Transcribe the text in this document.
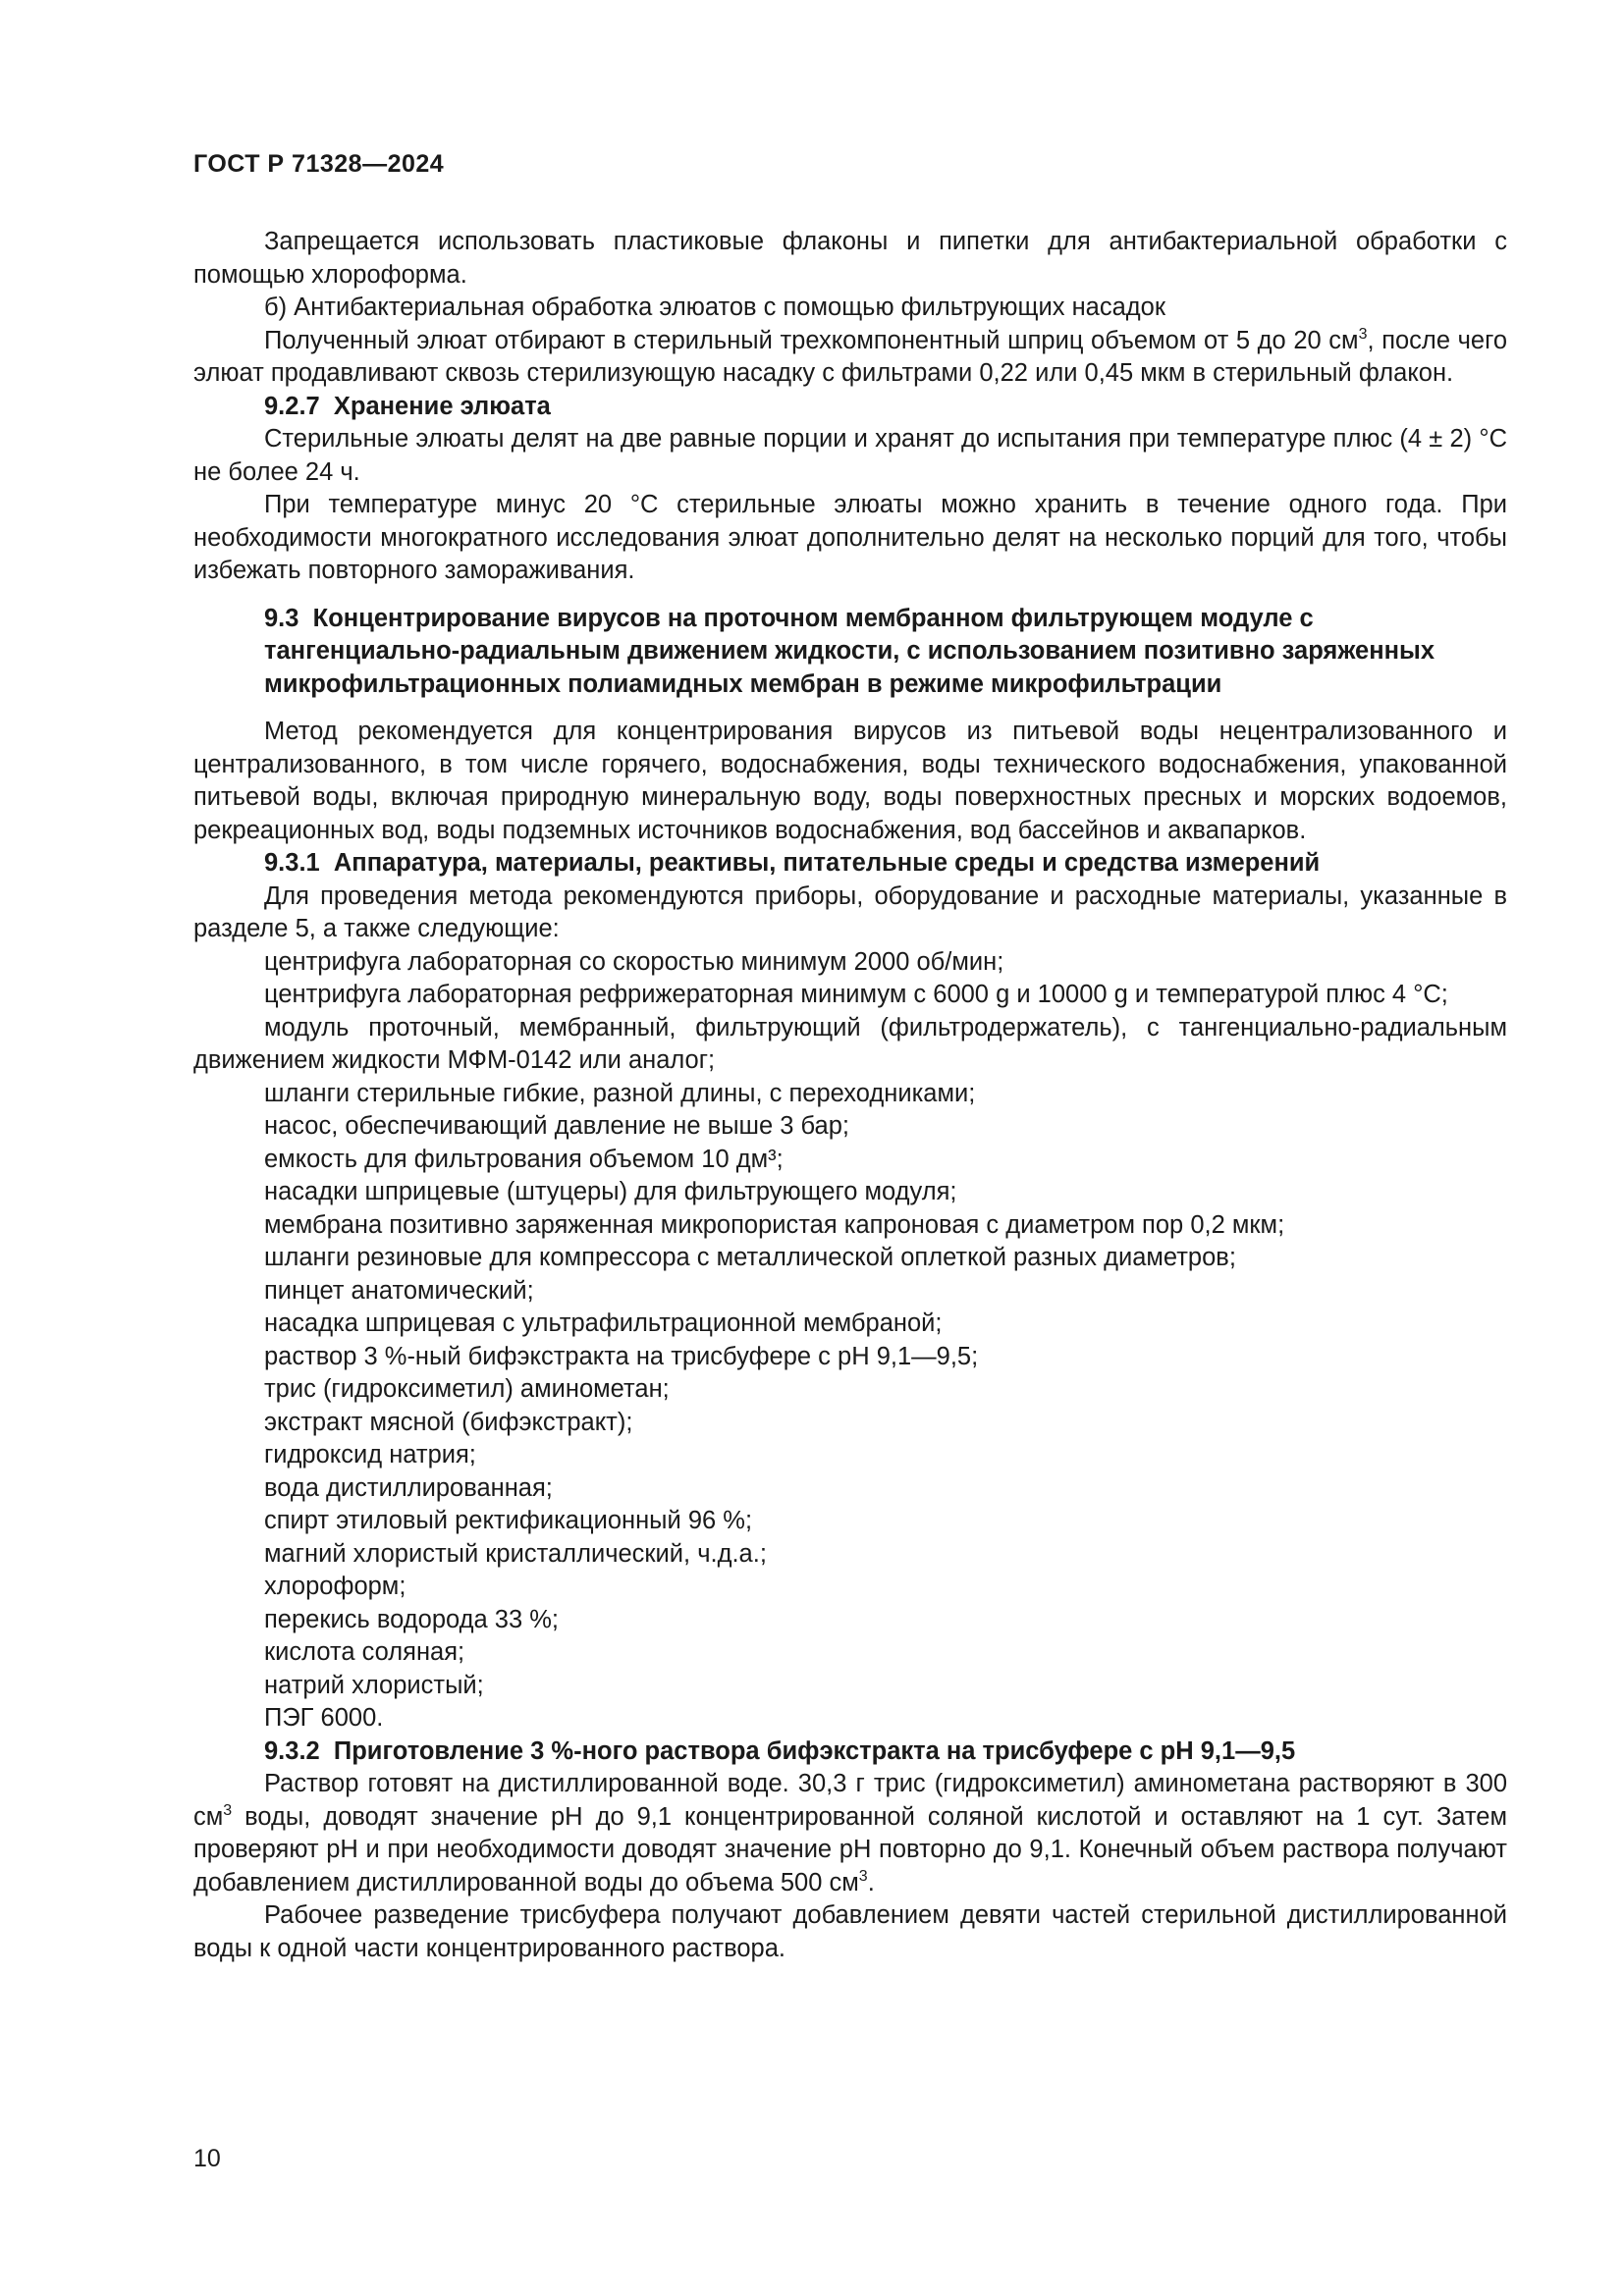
ГОСТ Р 71328—2024
Запрещается использовать пластиковые флаконы и пипетки для антибактериальной обработки с помощью хлороформа.
б) Антибактериальная обработка элюатов с помощью фильтрующих насадок
Полученный элюат отбирают в стерильный трехкомпонентный шприц объемом от 5 до 20 $см^3$, после чего элюат продавливают сквозь стерилизующую насадку с фильтрами 0,22 или 0,45 мкм в стерильный флакон.
9.2.7 Хранение элюата
Стерильные элюаты делят на две равные порции и хранят до испытания при температуре плюс (4 ± 2) °С не более 24 ч.
При температуре минус 20 °С стерильные элюаты можно хранить в течение одного года. При необходимости многократного исследования элюат дополнительно делят на несколько порций для того, чтобы избежать повторного замораживания.
9.3 Концентрирование вирусов на проточном мембранном фильтрующем модуле с тангенциально-радиальным движением жидкости, с использованием позитивно заряженных микрофильтрационных полиамидных мембран в режиме микрофильтрации
Метод рекомендуется для концентрирования вирусов из питьевой воды нецентрализованного и централизованного, в том числе горячего, водоснабжения, воды технического водоснабжения, упакованной питьевой воды, включая природную минеральную воду, воды поверхностных пресных и морских водоемов, рекреационных вод, воды подземных источников водоснабжения, вод бассейнов и аквапарков.
9.3.1 Аппаратура, материалы, реактивы, питательные среды и средства измерений
Для проведения метода рекомендуются приборы, оборудование и расходные материалы, указанные в разделе 5, а также следующие:
центрифуга лабораторная со скоростью минимум 2000 об/мин;
центрифуга лабораторная рефрижераторная минимум с 6000 g и 10000 g и температурой плюс 4 °С;
модуль проточный, мембранный, фильтрующий (фильтродержатель), с тангенциально-радиальным движением жидкости МФМ-0142 или аналог;
шланги стерильные гибкие, разной длины, с переходниками;
насос, обеспечивающий давление не выше 3 бар;
емкость для фильтрования объемом 10 дм³;
насадки шприцевые (штуцеры) для фильтрующего модуля;
мембрана позитивно заряженная микропористая капроновая с диаметром пор 0,2 мкм;
шланги резиновые для компрессора с металлической оплеткой разных диаметров;
пинцет анатомический;
насадка шприцевая с ультрафильтрационной мембраной;
раствор 3 %-ный бифэкстракта на трисбуфере с рН 9,1—9,5;
трис (гидроксиметил) аминометан;
экстракт мясной (бифэкстракт);
гидроксид натрия;
вода дистиллированная;
спирт этиловый ректификационный 96 %;
магний хлористый кристаллический, ч.д.а.;
хлороформ;
перекись водорода 33 %;
кислота соляная;
натрий хлористый;
ПЭГ 6000.
9.3.2 Приготовление 3 %-ного раствора бифэкстракта на трисбуфере с рН 9,1—9,5
Раствор готовят на дистиллированной воде. 30,3 г трис (гидроксиметил) аминометана растворяют в 300 $см^3$ воды, доводят значение рН до 9,1 концентрированной соляной кислотой и оставляют на 1 сут. Затем проверяют рН и при необходимости доводят значение рН повторно до 9,1. Конечный объем раствора получают добавлением дистиллированной воды до объема 500 $см^3$.
Рабочее разведение трисбуфера получают добавлением девяти частей стерильной дистиллированной воды к одной части концентрированного раствора.
10
